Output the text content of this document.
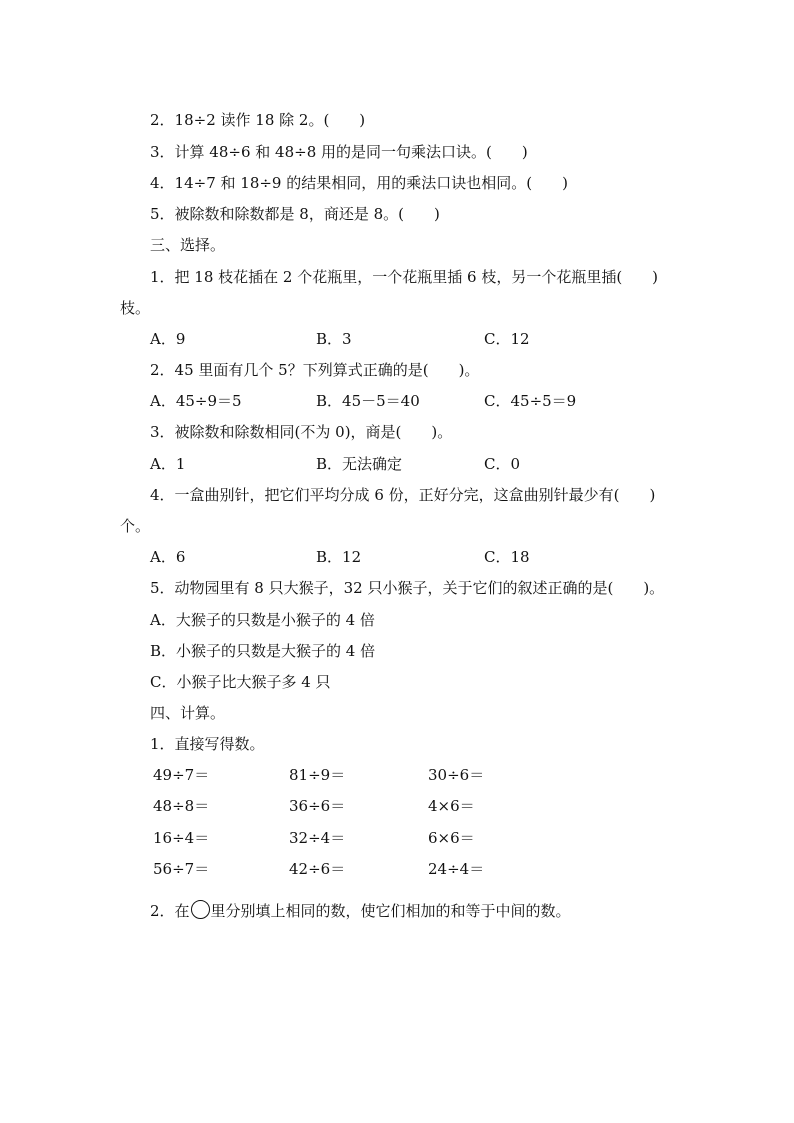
2．18÷2 读作 18 除 2。(　　)
3．计算 48÷6 和 48÷8 用的是同一句乘法口诀。(　　)
4．14÷7 和 18÷9 的结果相同，用的乘法口诀也相同。(　　)
5．被除数和除数都是 8，商还是 8。(　　)
三、选择。
1．把 18 枝花插在 2 个花瓶里，一个花瓶里插 6 枝，另一个花瓶里插(　　)
枝。
A．9	B．3	C．12
2．45 里面有几个 5？下列算式正确的是(　　)。
A．45÷9＝5	B．45－5＝40	C．45÷5＝9
3．被除数和除数相同(不为 0)，商是(　　)。
A．1	B．无法确定	C．0
4．一盒曲别针，把它们平均分成 6 份，正好分完，这盒曲别针最少有(　　)
个。
A．6	B．12	C．18
5．动物园里有 8 只大猴子，32 只小猴子，关于它们的叙述正确的是(　　)。
A．大猴子的只数是小猴子的 4 倍
B．小猴子的只数是大猴子的 4 倍
C．小猴子比大猴子多 4 只
四、计算。
1．直接写得数。
49÷7＝	81÷9＝	30÷6＝
48÷8＝	36÷6＝	4×6＝
16÷4＝	32÷4＝	6×6＝
56÷7＝	42÷6＝	24÷4＝
2．在 里分别填上相同的数，使它们相加的和等于中间的数。
